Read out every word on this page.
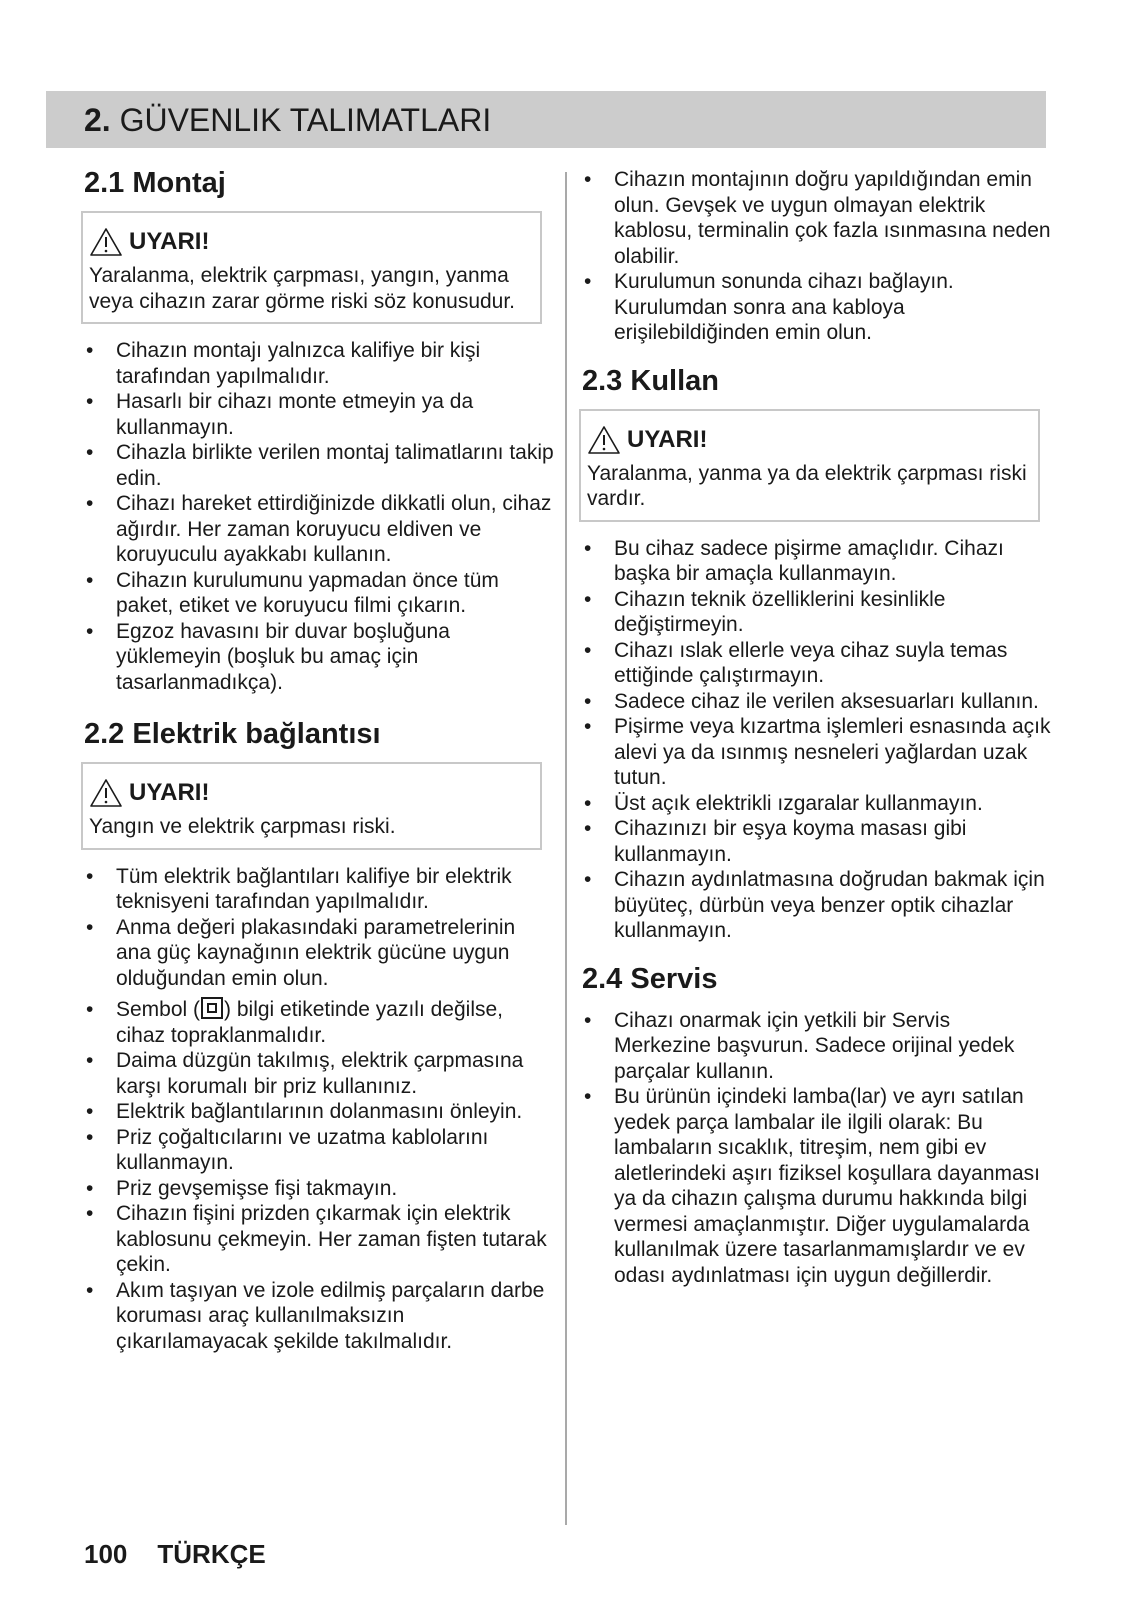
2. GÜVENLIK TALIMATLARI
2.1 Montaj
UYARI!
Yaralanma, elektrik çarpması, yangın, yanma veya cihazın zarar görme riski söz konusudur.
• Cihazın montajı yalnızca kalifiye bir kişi tarafından yapılmalıdır.
• Hasarlı bir cihazı monte etmeyin ya da kullanmayın.
• Cihazla birlikte verilen montaj talimatlarını takip edin.
• Cihazı hareket ettirdiğinizde dikkatli olun, cihaz ağırdır. Her zaman koruyucu eldiven ve koruyuculu ayakkabı kullanın.
• Cihazın kurulumunu yapmadan önce tüm paket, etiket ve koruyucu filmi çıkarın.
• Egzoz havasını bir duvar boşluğuna yüklemeyin (boşluk bu amaç için tasarlanmadıkça).
2.2 Elektrik bağlantısı
UYARI!
Yangın ve elektrik çarpması riski.
• Tüm elektrik bağlantıları kalifiye bir elektrik teknisyeni tarafından yapılmalıdır.
• Anma değeri plakasındaki parametrelerinin ana güç kaynağının elektrik gücüne uygun olduğundan emin olun.
• Sembol ( ) bilgi etiketinde yazılı değilse, cihaz topraklanmalıdır.
• Daima düzgün takılmış, elektrik çarpmasına karşı korumalı bir priz kullanınız.
• Elektrik bağlantılarının dolanmasını önleyin.
• Priz çoğaltıcılarını ve uzatma kablolarını kullanmayın.
• Priz gevşemişse fişi takmayın.
• Cihazın fişini prizden çıkarmak için elektrik kablosunu çekmeyin. Her zaman fişten tutarak çekin.
• Akım taşıyan ve izole edilmiş parçaların darbe koruması araç kullanılmaksızın çıkarılamayacak şekilde takılmalıdır.
• Cihazın montajının doğru yapıldığından emin olun. Gevşek ve uygun olmayan elektrik kablosu, terminalin çok fazla ısınmasına neden olabilir.
• Kurulumun sonunda cihazı bağlayın. Kurulumdan sonra ana kabloya erişilebildiğinden emin olun.
2.3 Kullan
UYARI!
Yaralanma, yanma ya da elektrik çarpması riski vardır.
• Bu cihaz sadece pişirme amaçlıdır. Cihazı başka bir amaçla kullanmayın.
• Cihazın teknik özelliklerini kesinlikle değiştirmeyin.
• Cihazı ıslak ellerle veya cihaz suyla temas ettiğinde çalıştırmayın.
• Sadece cihaz ile verilen aksesuarları kullanın.
• Pişirme veya kızartma işlemleri esnasında açık alevi ya da ısınmış nesneleri yağlardan uzak tutun.
• Üst açık elektrikli ızgaralar kullanmayın.
• Cihazınızı bir eşya koyma masası gibi kullanmayın.
• Cihazın aydınlatmasına doğrudan bakmak için büyüteç, dürbün veya benzer optik cihazlar kullanmayın.
2.4 Servis
• Cihazı onarmak için yetkili bir Servis Merkezine başvurun. Sadece orijinal yedek parçalar kullanın.
• Bu ürünün içindeki lamba(lar) ve ayrı satılan yedek parça lambalar ile ilgili olarak: Bu lambaların sıcaklık, titreşim, nem gibi ev aletlerindeki aşırı fiziksel koşullara dayanması ya da cihazın çalışma durumu hakkında bilgi vermesi amaçlanmıştır. Diğer uygulamalarda kullanılmak üzere tasarlanmamışlardır ve ev odası aydınlatması için uygun değillerdir.
100 TÜRKÇE
